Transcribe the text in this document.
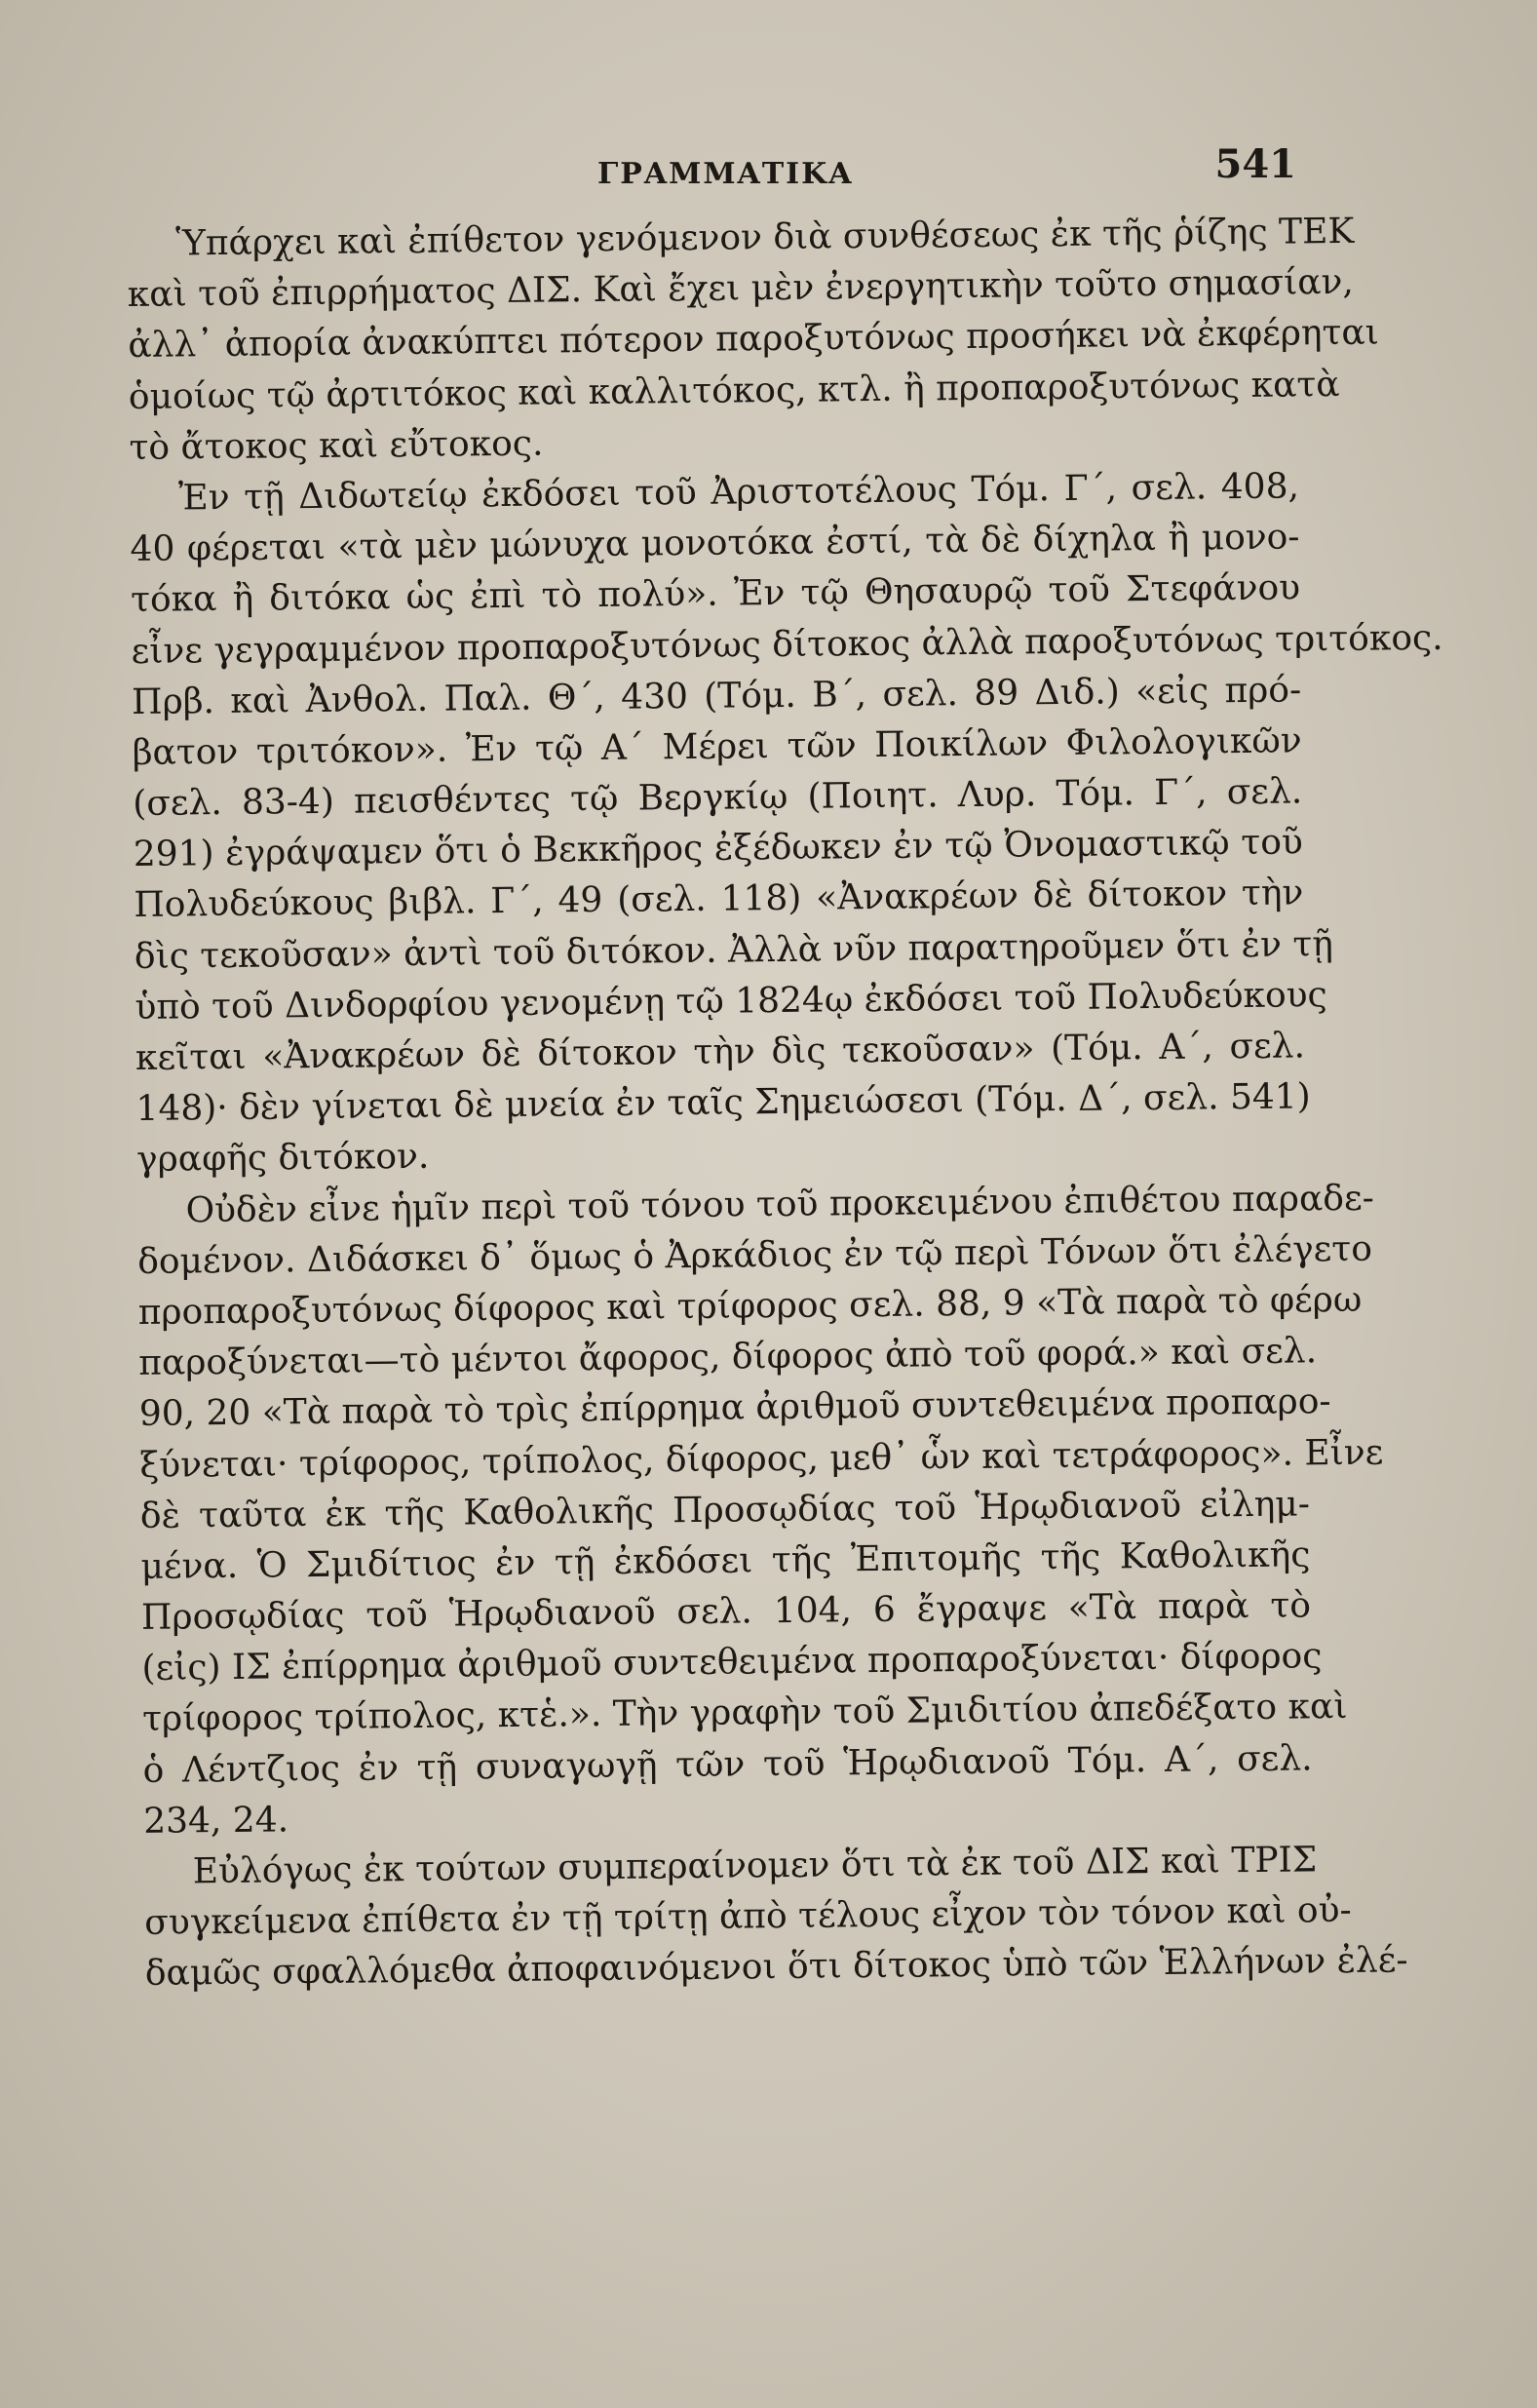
ΓΡΑΜΜΑΤΙΚΑ	541
Ὑπάρχει καὶ ἐπίθετον γενόμενον διὰ συνθέσεως ἐκ τῆς ῥίζης ΤΕΚ
καὶ τοῦ ἐπιρρήματος ΔΙΣ. Καὶ ἔχει μὲν ἐνεργητικὴν τοῦτο σημασίαν,
ἀλλ᾽ ἀπορία ἀνακύπτει πότερον παροξυτόνως προσήκει νὰ ἐκφέρηται
ὁμοίως τῷ ἀρτιτόκος καὶ καλλιτόκος, κτλ. ἢ προπαροξυτόνως κατὰ
τὸ ἄτοκος καὶ εὔτοκος.
Ἐν τῇ Διδωτείῳ ἐκδόσει τοῦ Ἀριστοτέλους Τόμ. Γ΄, σελ. 408,
40 φέρεται «τὰ μὲν μώνυχα μονοτόκα ἐστί, τὰ δὲ δίχηλα ἢ μονο-
τόκα ἢ διτόκα ὡς ἐπὶ τὸ πολύ». Ἐν τῷ Θησαυρῷ τοῦ Στεφάνου
εἶνε γεγραμμένον προπαροξυτόνως δίτοκος ἀλλὰ παροξυτόνως τριτόκος.
Πρβ. καὶ Ἀνθολ. Παλ. Θ΄, 430 (Τόμ. Β΄, σελ. 89 Διδ.) «εἰς πρό-
βατον τριτόκον». Ἐν τῷ Α΄ Μέρει τῶν Ποικίλων Φιλολογικῶν
(σελ. 83-4) πεισθέντες τῷ Βεργκίῳ (Ποιητ. Λυρ. Τόμ. Γ΄, σελ.
291) ἐγράψαμεν ὅτι ὁ Βεκκῆρος ἐξέδωκεν ἐν τῷ Ὀνομαστικῷ τοῦ
Πολυδεύκους βιβλ. Γ΄, 49 (σελ. 118) «Ἀνακρέων δὲ δίτοκον τὴν
δὶς τεκοῦσαν» ἀντὶ τοῦ διτόκον. Ἀλλὰ νῦν παρατηροῦμεν ὅτι ἐν τῇ
ὑπὸ τοῦ Δινδορφίου γενομένῃ τῷ 1824ῳ ἐκδόσει τοῦ Πολυδεύκους
κεῖται «Ἀνακρέων δὲ δίτοκον τὴν δὶς τεκοῦσαν» (Τόμ. Α΄, σελ.
148)· δὲν γίνεται δὲ μνεία ἐν ταῖς Σημειώσεσι (Τόμ. Δ΄, σελ. 541)
γραφῆς διτόκον.
Οὐδὲν εἶνε ἡμῖν περὶ τοῦ τόνου τοῦ προκειμένου ἐπιθέτου παραδε-
δομένον. Διδάσκει δ᾽ ὅμως ὁ Ἀρκάδιος ἐν τῷ περὶ Τόνων ὅτι ἐλέγετο
προπαροξυτόνως δίφορος καὶ τρίφορος σελ. 88, 9 «Τὰ παρὰ τὸ φέρω
παροξύνεται—τὸ μέντοι ἄφορος, δίφορος ἀπὸ τοῦ φορά.» καὶ σελ.
90, 20 «Τὰ παρὰ τὸ τρὶς ἐπίρρημα ἀριθμοῦ συντεθειμένα προπαρο-
ξύνεται· τρίφορος, τρίπολος, δίφορος, μεθ᾽ ὧν καὶ τετράφορος». Εἶνε
δὲ ταῦτα ἐκ τῆς Καθολικῆς Προσῳδίας τοῦ Ἡρῳδιανοῦ εἰλημ-
μένα. Ὁ Σμιδίτιος ἐν τῇ ἐκδόσει τῆς Ἐπιτομῆς τῆς Καθολικῆς
Προσῳδίας τοῦ Ἡρῳδιανοῦ σελ. 104, 6 ἔγραψε «Τὰ παρὰ τὸ
(εἰς) ΙΣ ἐπίρρημα ἀριθμοῦ συντεθειμένα προπαροξύνεται· δίφορος
τρίφορος τρίπολος, κτἑ.». Τὴν γραφὴν τοῦ Σμιδιτίου ἀπεδέξατο καὶ
ὁ Λέντζιος ἐν τῇ συναγωγῇ τῶν τοῦ Ἡρῳδιανοῦ Τόμ. Α΄, σελ.
234, 24.
Εὐλόγως ἐκ τούτων συμπεραίνομεν ὅτι τὰ ἐκ τοῦ ΔΙΣ καὶ ΤΡΙΣ
συγκείμενα ἐπίθετα ἐν τῇ τρίτῃ ἀπὸ τέλους εἶχον τὸν τόνον καὶ οὐ-
δαμῶς σφαλλόμεθα ἀποφαινόμενοι ὅτι δίτοκος ὑπὸ τῶν Ἑλλήνων ἐλέ-
